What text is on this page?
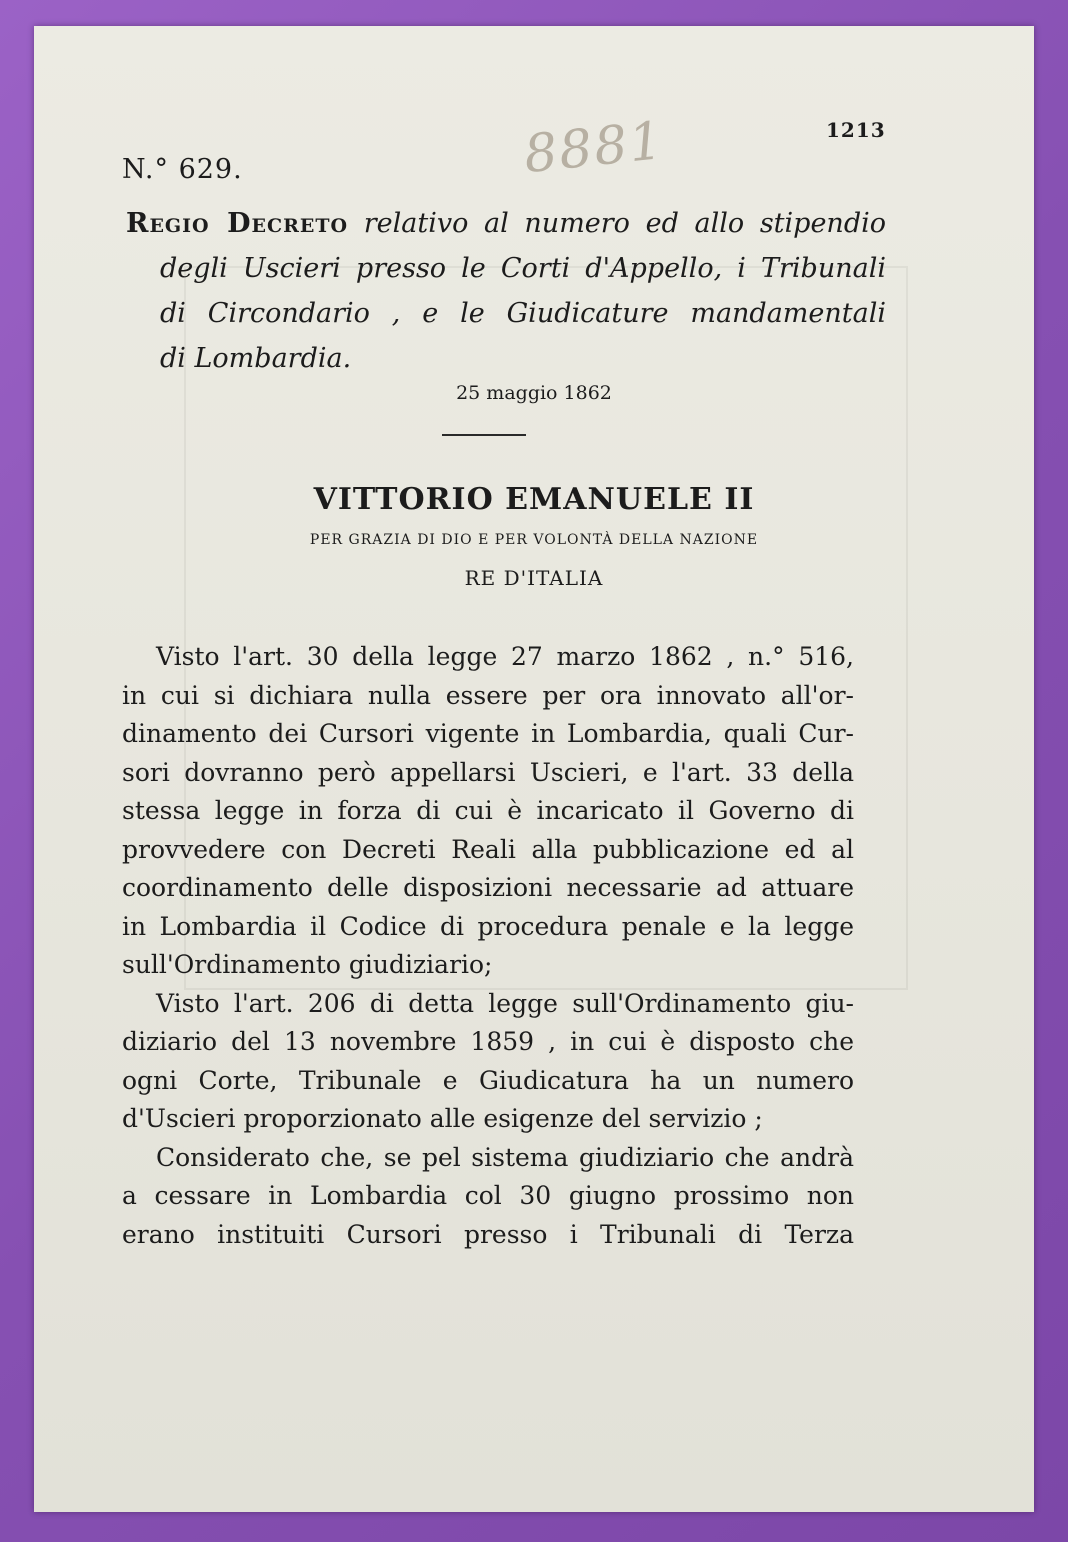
8881	1213

N.° 629.

Regio Decreto relativo al numero ed allo stipendio
degli Uscieri presso le Corti d'Appello, i Tribunali
di Circondario , e le Giudicature mandamentali
di Lombardia.

25 maggio 1862

VITTORIO EMANUELE II

PER GRAZIA DI DIO E PER VOLONTÀ DELLA NAZIONE

RE D'ITALIA

Visto l'art. 30 della legge 27 marzo 1862 , n.° 516,
in cui si dichiara nulla essere per ora innovato all'or-
dinamento dei Cursori vigente in Lombardia, quali Cur-
sori dovranno però appellarsi Uscieri, e l'art. 33 della
stessa legge in forza di cui è incaricato il Governo di
provvedere con Decreti Reali alla pubblicazione ed al
coordinamento delle disposizioni necessarie ad attuare
in Lombardia il Codice di procedura penale e la legge
sull'Ordinamento giudiziario;
Visto l'art. 206 di detta legge sull'Ordinamento giu-
diziario del 13 novembre 1859 , in cui è disposto che
ogni Corte, Tribunale e Giudicatura ha un numero
d'Uscieri proporzionato alle esigenze del servizio ;
Considerato che, se pel sistema giudiziario che andrà
a cessare in Lombardia col 30 giugno prossimo non
erano instituiti Cursori presso i Tribunali di Terza
